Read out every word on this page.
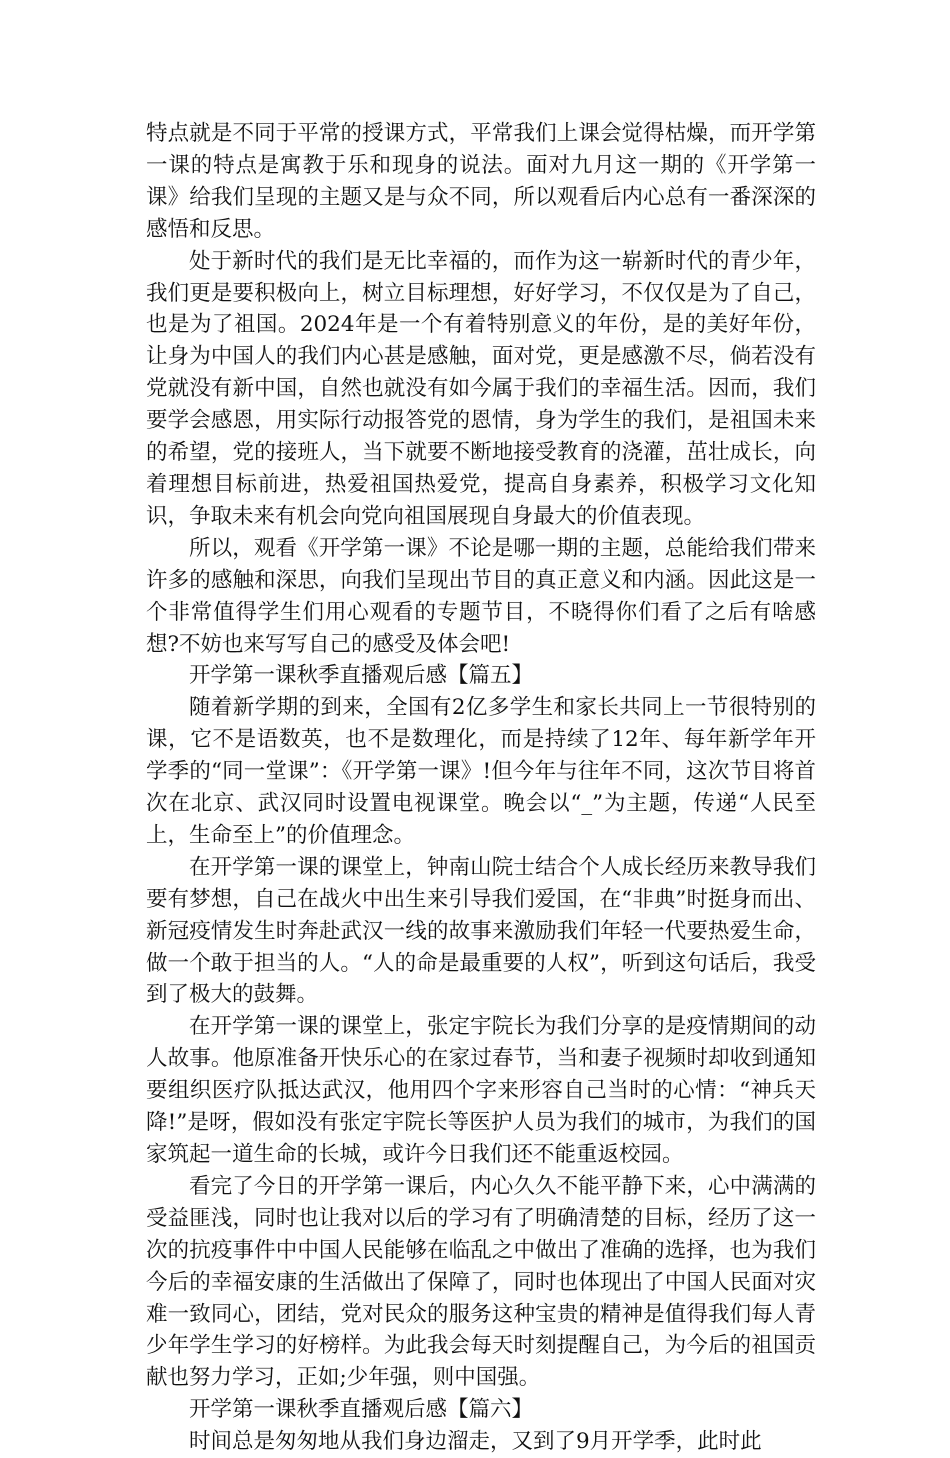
特点就是不同于平常的授课方式，平常我们上课会觉得枯燥，而开学第一课的特点是寓教于乐和现身的说法。面对九月这一期的《开学第一课》给我们呈现的主题又是与众不同，所以观看后内心总有一番深深的感悟和反思。

处于新时代的我们是无比幸福的，而作为这一崭新时代的青少年，我们更是要积极向上，树立目标理想，好好学习，不仅仅是为了自己，也是为了祖国。2024年是一个有着特别意义的年份，是的美好年份，让身为中国人的我们内心甚是感触，面对党，更是感激不尽，倘若没有党就没有新中国，自然也就没有如今属于我们的幸福生活。因而，我们要学会感恩，用实际行动报答党的恩情，身为学生的我们，是祖国未来的希望，党的接班人，当下就要不断地接受教育的浇灌，茁壮成长，向着理想目标前进，热爱祖国热爱党，提高自身素养，积极学习文化知识，争取未来有机会向党向祖国展现自身最大的价值表现。

所以，观看《开学第一课》不论是哪一期的主题，总能给我们带来许多的感触和深思，向我们呈现出节目的真正意义和内涵。因此这是一个非常值得学生们用心观看的专题节目，不晓得你们看了之后有啥感想?不妨也来写写自己的感受及体会吧!

开学第一课秋季直播观后感【篇五】

随着新学期的到来，全国有2亿多学生和家长共同上一节很特别的课，它不是语数英，也不是数理化，而是持续了12年、每年新学年开学季的“同一堂课”：《开学第一课》!但今年与往年不同，这次节目将首次在北京、武汉同时设置电视课堂。晚会以“_”为主题，传递“人民至上，生命至上”的价值理念。

在开学第一课的课堂上，钟南山院士结合个人成长经历来教导我们要有梦想，自己在战火中出生来引导我们爱国，在“非典”时挺身而出、新冠疫情发生时奔赴武汉一线的故事来激励我们年轻一代要热爱生命，做一个敢于担当的人。“人的命是最重要的人权”，听到这句话后，我受到了极大的鼓舞。

在开学第一课的课堂上，张定宇院长为我们分享的是疫情期间的动人故事。他原准备开快乐心的在家过春节，当和妻子视频时却收到通知要组织医疗队抵达武汉，他用四个字来形容自己当时的心情：“神兵天降!”是呀，假如没有张定宇院长等医护人员为我们的城市，为我们的国家筑起一道生命的长城，或许今日我们还不能重返校园。

看完了今日的开学第一课后，内心久久不能平静下来，心中满满的受益匪浅，同时也让我对以后的学习有了明确清楚的目标，经历了这一次的抗疫事件中中国人民能够在临乱之中做出了准确的选择，也为我们今后的幸福安康的生活做出了保障了，同时也体现出了中国人民面对灾难一致同心，团结，党对民众的服务这种宝贵的精神是值得我们每人青少年学生学习的好榜样。为此我会每天时刻提醒自己，为今后的祖国贡献也努力学习，正如;少年强，则中国强。

开学第一课秋季直播观后感【篇六】

时间总是匆匆地从我们身边溜走，又到了9月开学季，此时此
